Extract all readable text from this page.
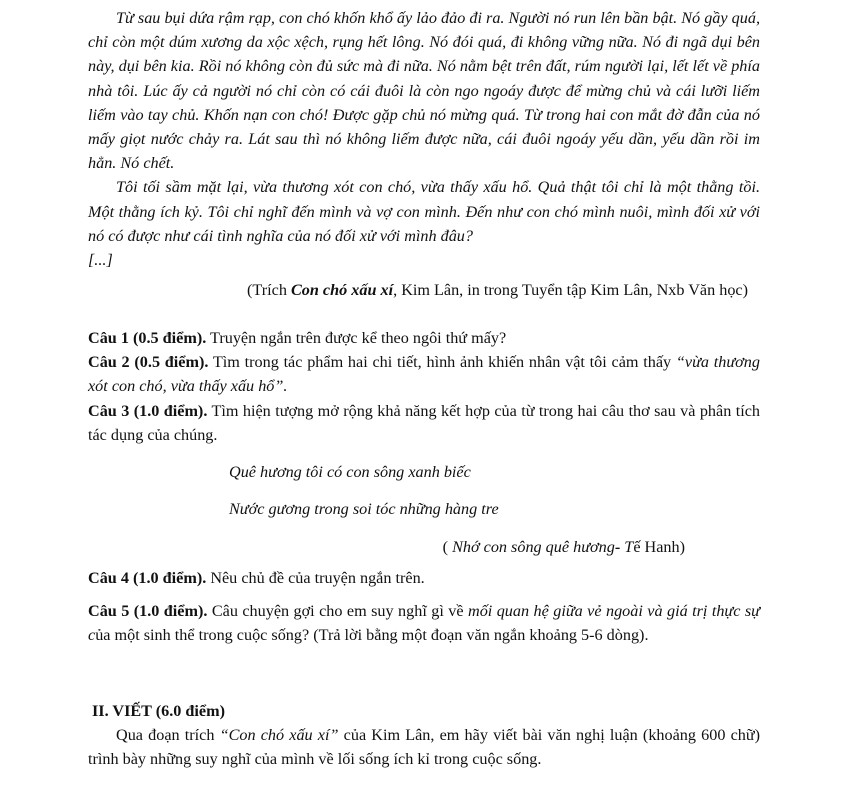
Từ sau bụi dứa rậm rạp, con chó khốn khổ ấy lảo đảo đi ra. Người nó run lên bần bật. Nó gầy quá, chỉ còn một dúm xương da xộc xệch, rụng hết lông. Nó đói quá, đi không vững nữa. Nó đi ngã dụi bên này, dụi bên kia. Rồi nó không còn đủ sức mà đi nữa. Nó nằm bệt trên đất, rúm người lại, lết lết về phía nhà tôi. Lúc ấy cả người nó chỉ còn có cái đuôi là còn ngo ngoáy được để mừng chủ và cái lưỡi liếm liếm vào tay chủ. Khốn nạn con chó! Được gặp chủ nó mừng quá. Từ trong hai con mắt đờ đẫn của nó mấy giọt nước chảy ra. Lát sau thì nó không liếm được nữa, cái đuôi ngoáy yếu dần, yếu dần rồi im hẳn. Nó chết.

Tôi tối sầm mặt lại, vừa thương xót con chó, vừa thấy xấu hổ. Quả thật tôi chỉ là một thằng tồi. Một thằng ích kỷ. Tôi chỉ nghĩ đến mình và vợ con mình. Đến như con chó mình nuôi, mình đối xử với nó có được như cái tình nghĩa của nó đối xử với mình đâu?

[...]

(Trích Con chó xấu xí, Kim Lân, in trong Tuyển tập Kim Lân, Nxb Văn học)

Câu 1 (0.5 điểm). Truyện ngắn trên được kể theo ngôi thứ mấy?

Câu 2 (0.5 điểm). Tìm trong tác phẩm hai chi tiết, hình ảnh khiến nhân vật tôi cảm thấy “vừa thương xót con chó, vừa thấy xấu hổ”.

Câu 3 (1.0 điểm). Tìm hiện tượng mở rộng khả năng kết hợp của từ trong hai câu thơ sau và phân tích tác dụng của chúng.

Quê hương tôi có con sông xanh biếc

Nước gương trong soi tóc những hàng tre

( Nhớ con sông quê hương- Tế Hanh)

Câu 4 (1.0 điểm). Nêu chủ đề của truyện ngắn trên.

Câu 5 (1.0 điểm). Câu chuyện gợi cho em suy nghĩ gì về mối quan hệ giữa vẻ ngoài và giá trị thực sự của một sinh thể trong cuộc sống? (Trả lời bằng một đoạn văn ngắn khoảng 5-6 dòng).

II. VIẾT (6.0 điểm)

Qua đoạn trích “Con chó xấu xí” của Kim Lân, em hãy viết bài văn nghị luận (khoảng 600 chữ) trình bày những suy nghĩ của mình về lối sống ích kỉ trong cuộc sống.
